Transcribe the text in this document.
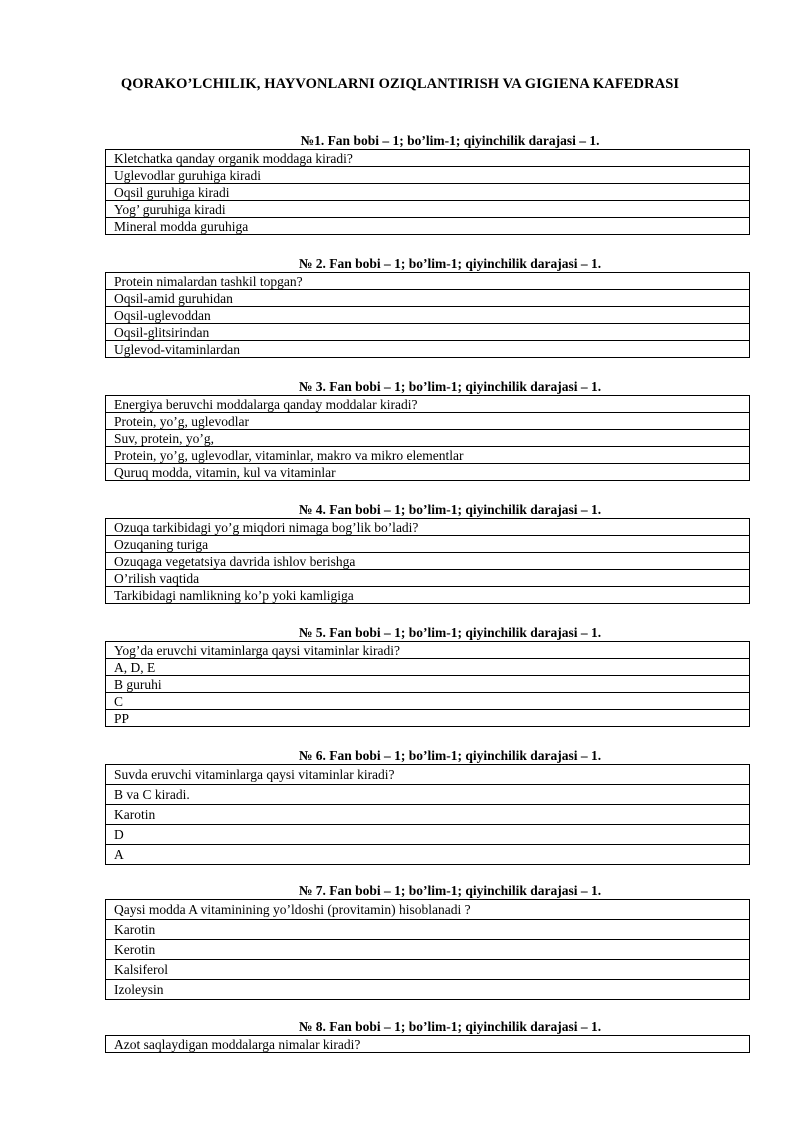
QORAKO’LCHILIK, HAYVONLARNI OZIQLANTIRISH VA GIGIENA KAFEDRASI
№1. Fan bobi – 1; bo’lim-1; qiyinchilik darajasi – 1.
Kletchatka qanday organik moddaga kiradi?
Uglevodlar guruhiga kiradi
Oqsil guruhiga kiradi
Yog’ guruhiga kiradi
Mineral modda guruhiga
№ 2. Fan bobi – 1; bo’lim-1; qiyinchilik darajasi – 1.
Protein nimalardan tashkil topgan?
Oqsil-amid guruhidan
Oqsil-uglevoddan
Oqsil-glitsirindan
Uglevod-vitaminlardan
№ 3. Fan bobi – 1; bo’lim-1; qiyinchilik darajasi – 1.
Energiya beruvchi moddalarga qanday moddalar kiradi?
Protein, yo’g, uglevodlar
Suv, protein, yo’g,
Protein, yo’g, uglevodlar, vitaminlar, makro va mikro elementlar
Quruq modda, vitamin, kul va vitaminlar
№ 4. Fan bobi – 1; bo’lim-1; qiyinchilik darajasi – 1.
Ozuqa tarkibidagi yo’g miqdori nimaga bog’lik bo’ladi?
Ozuqaning turiga
Ozuqaga vegetatsiya davrida ishlov berishga
O’rilish vaqtida
Tarkibidagi namlikning ko’p yoki kamligiga
№ 5. Fan bobi – 1; bo’lim-1; qiyinchilik darajasi – 1.
Yog’da eruvchi vitaminlarga qaysi vitaminlar kiradi?
A, D, E
B guruhi
C
PP
№ 6. Fan bobi – 1; bo’lim-1; qiyinchilik darajasi – 1.
Suvda eruvchi vitaminlarga qaysi vitaminlar kiradi?
B va C kiradi.
Karotin
D
A
№ 7. Fan bobi – 1; bo’lim-1; qiyinchilik darajasi – 1.
Qaysi modda A vitaminining yo’ldoshi (provitamin) hisoblanadi ?
Karotin
Kerotin
Kalsiferol
Izoleysin
№ 8. Fan bobi – 1; bo’lim-1; qiyinchilik darajasi – 1.
Azot saqlaydigan moddalarga nimalar kiradi?
